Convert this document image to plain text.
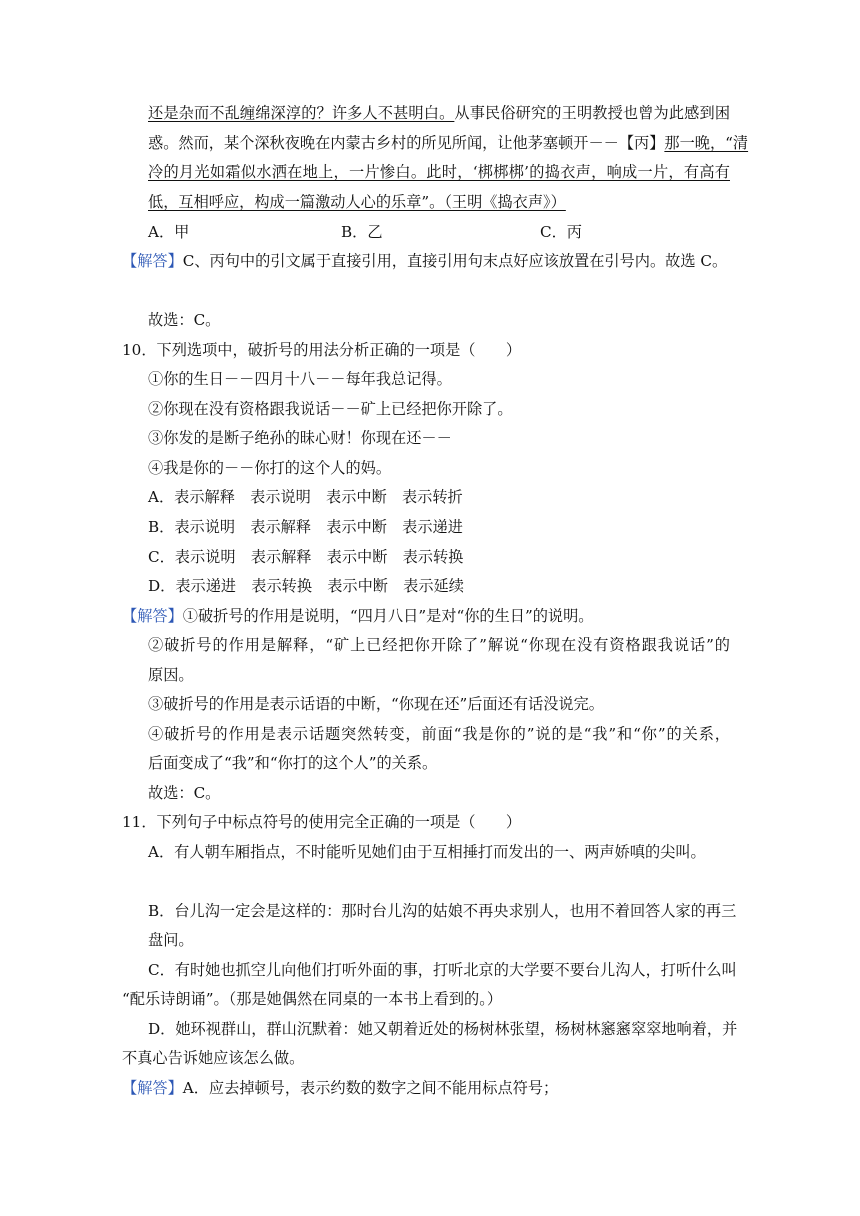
还是杂而不乱缠绵深淳的？许多人不甚明白。从事民俗研究的王明教授也曾为此感到困
惑。然而，某个深秋夜晚在内蒙古乡村的所见所闻，让他茅塞顿开－－【丙】那一晚，“清
冷的月光如霜似水洒在地上，一片惨白。此时，‘梆梆梆’的捣衣声，响成一片，有高有
低，互相呼应，构成一篇激动人心的乐章”。（王明《捣衣声》）
A．甲	B．乙	C．丙
【解答】C、丙句中的引文属于直接引用，直接引用句末点好应该放置在引号内。故选 C。
故选：C。
10．下列选项中，破折号的用法分析正确的一项是（　　）
①你的生日－－四月十八－－每年我总记得。
②你现在没有资格跟我说话－－矿上已经把你开除了。
③你发的是断子绝孙的昧心财！你现在还－－
④我是你的－－你打的这个人的妈。
A．表示解释　表示说明　表示中断　表示转折
B．表示说明　表示解释　表示中断　表示递进
C．表示说明　表示解释　表示中断　表示转换
D．表示递进　表示转换　表示中断　表示延续
【解答】①破折号的作用是说明，“四月八日”是对“你的生日”的说明。
②破折号的作用是解释，“矿上已经把你开除了”解说“你现在没有资格跟我说话”的
原因。
③破折号的作用是表示话语的中断，“你现在还”后面还有话没说完。
④破折号的作用是表示话题突然转变，前面“我是你的”说的是“我”和“你”的关系，
后面变成了“我”和“你打的这个人”的关系。
故选：C。
11．下列句子中标点符号的使用完全正确的一项是（　　）
A．有人朝车厢指点，不时能听见她们由于互相捶打而发出的一、两声娇嗔的尖叫。
B．台儿沟一定会是这样的：那时台儿沟的姑娘不再央求别人，也用不着回答人家的再三
盘问。
C．有时她也抓空儿向他们打听外面的事，打听北京的大学要不要台儿沟人，打听什么叫
“配乐诗朗诵”。（那是她偶然在同桌的一本书上看到的。）
D．她环视群山，群山沉默着：她又朝着近处的杨树林张望，杨树林窸窸窣窣地响着，并
不真心告诉她应该怎么做。
【解答】A．应去掉顿号，表示约数的数字之间不能用标点符号；
